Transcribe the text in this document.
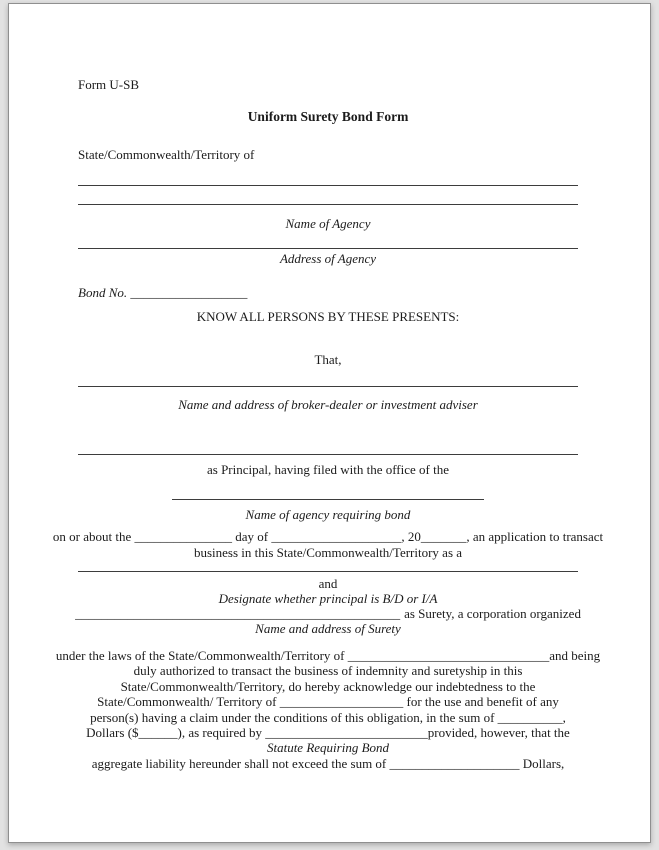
Form U-SB
Uniform Surety Bond Form
State/Commonwealth/Territory of
Name of Agency
Address of Agency
Bond No. __________________
KNOW ALL PERSONS BY THESE PRESENTS:
That,
Name and address of broker-dealer or investment adviser
as Principal, having filed with the office of the
Name of agency requiring bond
on or about the _______________ day of ____________________, 20_______, an application to transact
business in this State/Commonwealth/Territory as a
and
Designate whether principal is B/D or I/A
__________________________________________________ as Surety, a corporation organized
Name and address of Surety
under the laws of the State/Commonwealth/Territory of _______________________________and being
duly authorized to transact the business of indemnity and suretyship in this
State/Commonwealth/Territory, do hereby acknowledge our indebtedness to the
State/Commonwealth/ Territory of ___________________ for the use and benefit of any
person(s) having a claim under the conditions of this obligation, in the sum of __________,
Dollars ($______), as required by _________________________provided, however, that the
Statute Requiring Bond
aggregate liability hereunder shall not exceed the sum of ____________________ Dollars,
